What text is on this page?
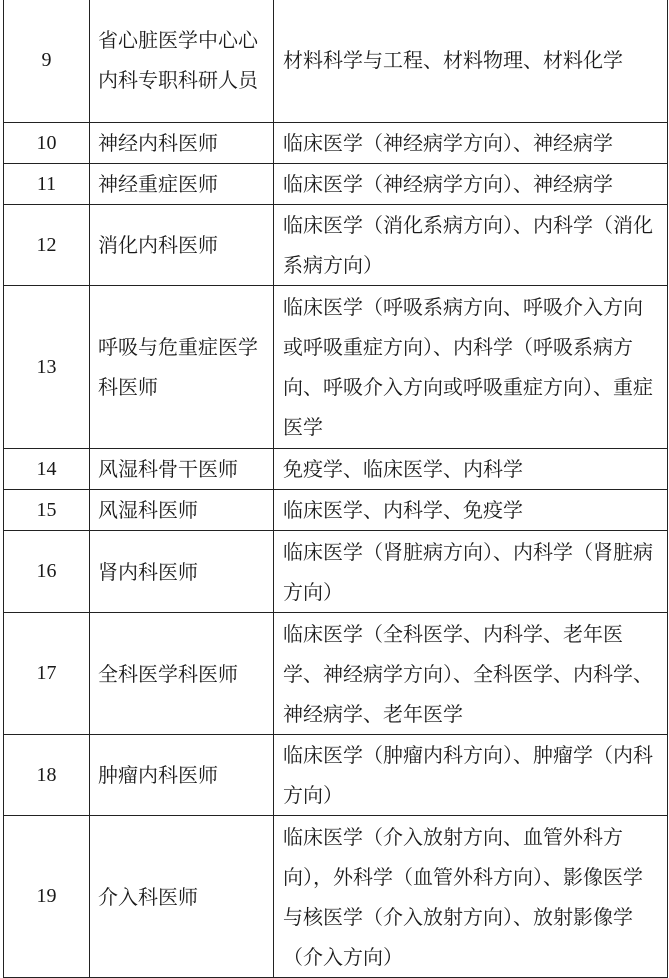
9	省心脏医学中心心内科专职科研人员	材料科学与工程、材料物理、材料化学

10	神经内科医师	临床医学（神经病学方向）、神经病学

11	神经重症医师	临床医学（神经病学方向）、神经病学

12	消化内科医师	临床医学（消化系病方向）、内科学（消化系病方向）

13	呼吸与危重症医学科医师	临床医学（呼吸系病方向、呼吸介入方向或呼吸重症方向）、内科学（呼吸系病方向、呼吸介入方向或呼吸重症方向）、重症医学

14	风湿科骨干医师	免疫学、临床医学、内科学

15	风湿科医师	临床医学、内科学、免疫学

16	肾内科医师	临床医学（肾脏病方向）、内科学（肾脏病方向）

17	全科医学科医师	临床医学（全科医学、内科学、老年医学、神经病学方向）、全科医学、内科学、神经病学、老年医学

18	肿瘤内科医师	临床医学（肿瘤内科方向）、肿瘤学（内科方向）

19	介入科医师	临床医学（介入放射方向、血管外科方向），外科学（血管外科方向）、影像医学与核医学（介入放射方向）、放射影像学（介入方向）
